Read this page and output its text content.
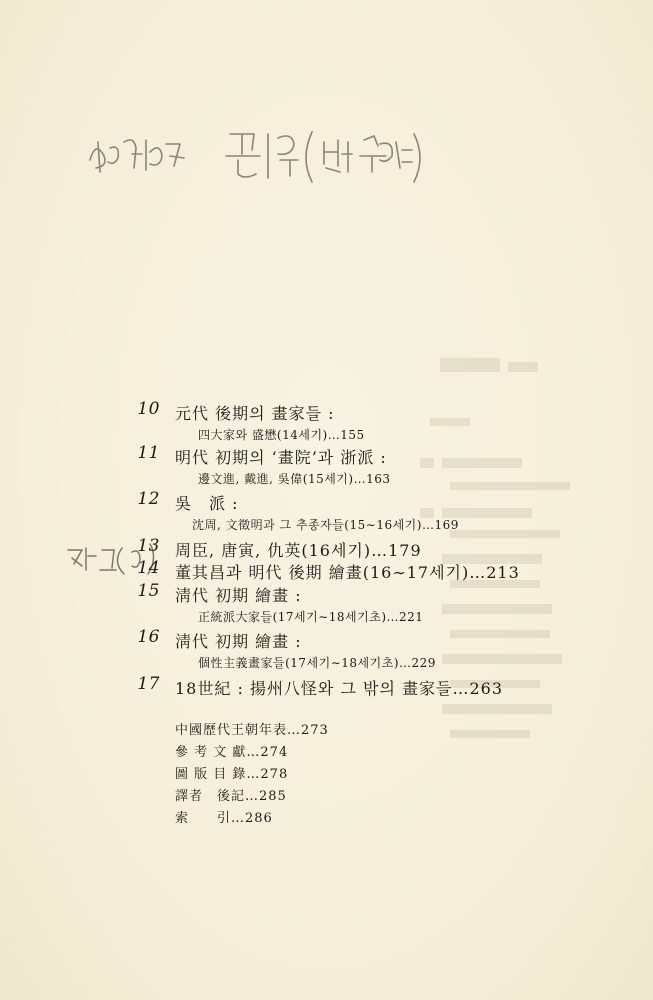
10 元代 後期의 畫家들 :
四大家와 盛懋(14세기)…155
11 明代 初期의 ‘畫院’과 浙派 :
邊文進, 戴進, 吳偉(15세기)…163
12 吳　派 :
沈周, 文徵明과 그 추종자들(15∼16세기)…169
13 周臣, 唐寅, 仇英(16세기)…179
14 董其昌과 明代 後期 繪畫(16∼17세기)…213
15 淸代 初期 繪畫 :
正統派大家들(17세기∼18세기초)…221
16 淸代 初期 繪畫 :
個性主義畫家들(17세기∼18세기초)…229
17 18世紀 : 揚州八怪와 그 밖의 畫家들…263
中國歷代王朝年表…273
參 考 文 獻…274
圖 版 目 錄…278
譯者　後記…285
索　　引…286
